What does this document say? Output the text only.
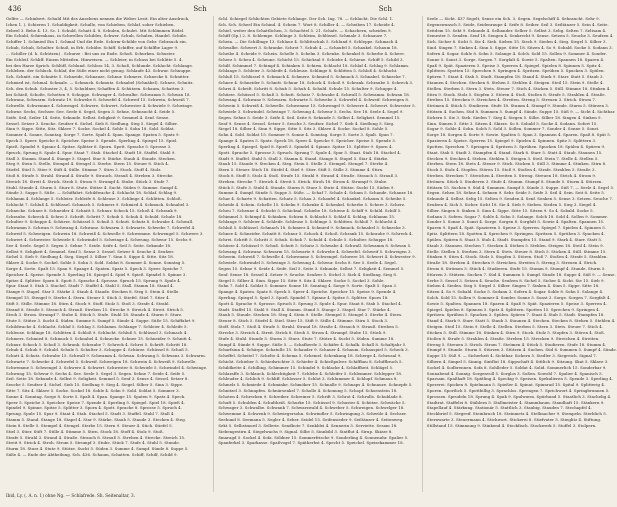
436	Sch	Sch
Gelfre — Schinbert. Schuld Mit des Ansehens nennen die Weber Lesit. Ein alter Ausdruck,
Ichen 1. ). Schieren 1. Schuldigkeit. Schulle, von Schieben, Schlaf, soher Schieben.
Sebeel 3. Bebe 4. 13. Sc. I. Schuld, Schatt 4. 8. Schulen, Schulet. Mit Schlimmen Rödel.
Ein Schuld, Schirmhaus, in Schwellen Schildes, Schwer. Schub, Schulen, Handel. Schüle.
Schiffer 1. Schmied Ein 1. Schmal Und die Erde. Schirm-Schilde von Gebr. Gebrauch ein.
Schub, Schub, Schulter. Schuß, in Erb. Schübe. Schiff. Schiffer, auf Schilfbe Lager 9.
... Schiller (d. h. Schützen) . Schurze : Bei uns zu Ende. Schoß. Schurken. Schuster.
Ein Schleif. Schliff. Einem Mitteilen. Hinweisen. — Schleier, in Schuss bei Schlitte 5. 4.
bei den Harze Sprich. Schlüff, Schlund. Schloss 14, 3. Schoß, Schlunde. Schlacht. Schlange.
Schleben. der Schluck. Schlaf, die Süße einer nicht genug. Schlaufe 43. Schwur. Schnuppe.
Sch. Schnitt. ein Schnitte 5. Schneide, Schnauze, Schnur. Schmerz. Schnecke 8. Schnitter.
Schmied ist, Schmal. Schmale. — Schmuck. Schmutz. Schnabel (Schnäbel). Schnee, Schnitz.
Sch. den Schuh. Schuster 3, 4, 5. Schuldner, Schaffen 4. Schützen. Schaum, Schatten 3.
bei Schieß, Schoße, Schotten 9. Schuppe. Schwager 4. Schwalbe. Schwamm 5. Schwan 18.
Schwanz, Schwarm. Schwatz 19. Schwebe 8. Schwefel 4. Schweif 15. Schwein, Schweiß 7.
Schwelle. Schwemme 4. Schwengel. Schwere, Schwert. Schwester 4. Schwiele 9. Schwinge.
Schwur. Sechs, Sechser. See. Seele 6. Segel, Segen 3. Sehne, Sehnsucht 4. Seide 5.
Seife. Seil, Seiler 14. Seite, Sekunde. Selbst. Seligkeit 9. Semmel 4. Senf. Sense.
Sessel. Setzer 3. Seuche. Seufzer 6. Sichel. Sieb 8. Siedlung. Sieg 5. Siegel 4. Silber.
Sinn 9. Sippe. Sitte, Sitz. Sklave 7. Socke. Sockel 4. Sohle 5. Sohn 18. Sold. Soldat.
Sommer 4. Sonne, Sonntag. Sorge 7. Sorte. Spalt 4. Span. Spange. Spaten 5. Spatz 9.
Speck 3. Speer. Speiche 8. Speicher. Speise 5. Spende. Sperling 4. Spiegel 15. Spiel.
Spieß. Spindel 9. Spinne 4. Spitze. Splitter 6. Sporn. Spott. Sprache 5. Sprosse 3.
Spruch, Sprung 8. Spule 4. Spur. Staat 7. Stab. Stachel 4. Stadt 18. Staffel. Stahl 9.
Stall 3. Stamm. Stand 4. Stange 5. Stapel. Star 8. Stärke. Staub 4. Staude. Stecken.
Steg 9. Stein 5. Stelle, Stempel 4. Stengel 3. Sterbe. Stern 15. Steuer 8. Stich 4.
Stiefel. Stiel 5. Stier 9. Stift 4. Stille. Stimme 7. Stirn 3. Stock. Stoff 4. Stolz.
Stoß 8. Strafe 5. Strahl. Strand 4. Straße 9. Strauch. Strauß 4. Streben 3. Strecke.
Streich 18. Streit 4. Strick. Stroh 5. Strom 9. Strumpf 4. Stube. Stück 3. Stufe 7.
Stuhl. Stunde 4. Sturm 5. Sturz 8. Stute. Stütze 4. Sucht. Süden 9. Summe. Sumpf 4.
Sünde 3. Suppe 5. Süße. — Schiffahrt. Schildwache 4. Schlacht 18. Schlaf. Schlag 9.
Schlamm 4. Schlange 5. Schleier. Schleife 8. Schleuse 3. Schlinge 4. Schlitten. Schloß.
Schlucht 7. Schluß 4. Schlüssel. Schmach 5. Schmerz 9. Schmied 4. Schmuck. Schnabel 3.
Schnecke. Schnee 8. Schneider 4. Schnitt 5. Schnur. Schock 15. Schoß 4. Schrank 9.
Schraube. Schreck 4. Schrei 3. Schrift. Schritt 7. Schub 5. Schuh 4. Schuld. Schule 18.
Schulter 9. Schuppe 4. Schürze. Schüssel 5. Schuß 3. Schutt. Schutz 8. Schwabe 4. Schwall.
Schwamm 5. Schwan 9. Schwang 4. Schwanz. Schwarm 3. Schwarte. Schwebe 7. Schwefel 4.
Schweif 5. Schweigen. Schwein 18. Schweiß 4. Schwelle 9. Schwemme. Schwengel 5. Schwere 3.
Schwert 4. Schwester. Schwiele 8. Schwindel 5. Schwinge 4. Schwung. Schwur 15. Sechs 9.
See 4. Seele. Segel 5. Segen 3. Sehne 7. Seide. Seife 4. Seil 5. Seite. Sekunde 18.
Selbst 9. Seligkeit 4. Semmel. Senf 5. Sense 3. Sessel. Setzer 8. Seuche 4. Seufzer.
Sichel 5. Sieb 9. Siedlung 4. Sieg. Siegel 3. Silber 7. Sinn 5. Sippe 4. Sitte. Sitz 18.
Sklave 4. Socke 9. Sockel. Sohle 5. Sohn 3. Sold. Soldat 8. Sommer 4. Sonne. Sonntag 5.
Sorge 4. Sorte. Spalt 15. Span 9. Spange 4. Spaten. Spatz 5. Speck 3. Speer. Speiche 7.
Speicher 4. Speise. Spende 5. Sperling 18. Spiegel 4. Spiel 9. Spieß. Spindel 5. Spinne 3.
Spitze 4. Splitter. Sporn 8. Spott 5. Sprache 4. Sprosse. Spruch 15. Sprung 9. Spule 4.
Spur. Staat 5. Stab 3. Stachel. Stadt 7. Staffel 4. Stahl 5. Stall. Stamm 18. Stand 4.
Stange 9. Stapel. Star 5. Stärke 3. Staub 4. Staude. Stecken 8. Steg 5. Stein 4. Stelle.
Stempel 15. Stengel 9. Sterbe 4. Stern. Steuer 5. Stich 3. Stiefel. Stiel 7. Stier 4.
Stift 5. Stille. Stimme 18. Stirn 4. Stock 9. Stoff. Stolz 5. Stoß 3. Strafe 4. Strahl.
Strand 8. Straße 5. Strauch 4. Strauß. Streben 15. Strecke 9. Streich 4. Streit. Strick 5.
Stroh 3. Strom. Strumpf 7. Stube 4. Stück 5. Stufe. Stuhl 18. Stunde 4. Sturm 9. Sturz.
Stute 5. Stütze 3. Sucht 4. Süden. Summe 8. Sumpf 5. Sünde 4. Suppe. Süße 15. Schiffahrt 9.
Schildwache 4. Schlacht. Schlaf 5. Schlag 3. Schlamm. Schlange 7. Schleier 4. Schleife 5.
Schleuse. Schlinge 18. Schlitten 4. Schloß 9. Schlucht. Schluß 5. Schlüssel 3. Schmach 4.
Schmerz. Schmied 8. Schmuck 5. Schnabel 4. Schnecke. Schnee 15. Schneider 9. Schnitt 4.
Schnur. Schock 5. Schoß 3. Schrank. Schraube 7. Schreck 4. Schrei 5. Schrift. Schritt 18.
Schub 4. Schuh 9. Schuld. Schule 5. Schulter 3. Schuppe 4. Schürze. Schüssel 8. Schuß 5.
Schutt 4. Schutz. Schwabe 15. Schwall 9. Schwamm 4. Schwan. Schwang 5. Schwanz 3. Schwarm.
Schwarte 7. Schwebe 4. Schwefel 5. Schweif. Schweigen 18. Schwein 4. Schweiß 9. Schwelle.
Schwemme 5. Schwengel 3. Schwere 4. Schwert. Schwester 8. Schwiele 5. Schwindel 4. Schwinge.
Schwung 15. Schwur 9. Sechs 4. See. Seele 5. Segel 3. Segen. Sehne 7. Seide 4. Seife 5.
Seil. Seite 18. Sekunde 4. Selbst 9. Seligkeit. Semmel 5. Senf 3. Sense 4. Sessel. Setzer 8.
Seuche 5. Seufzer 4. Sichel. Sieb 15. Siedlung 9. Sieg 4. Siegel. Silber 5. Sinn 3. Sippe.
Sitte 7. Sitz 4. Sklave 5. Socke. Sockel 18. Sohle 4. Sohn 9. Sold. Soldat 5. Sommer 3.
Sonne 4. Sonntag. Sorge 8. Sorte 5. Spalt 4. Span. Spange 15. Spaten 9. Spatz 4. Speck.
Speer 5. Speiche 3. Speicher. Speise 7. Spende 4. Sperling 5. Spiegel. Spiel 18. Spieß 4.
Spindel 9. Spinne. Spitze 5. Splitter 3. Sporn 4. Spott. Sprache 8. Sprosse 5. Spruch 4.
Sprung. Spule 15. Spur 9. Staat 4. Stab. Stachel 5. Stadt 3. Staffel. Stahl 7. Stall 4.
Stamm 5. Stand. Stange 18. Stapel 4. Star 9. Stärke. Staub 5. Staude 3. Stecken 4. Steg.
Stein 8. Stelle 5. Stempel 4. Stengel. Sterbe 15. Stern 9. Steuer 4. Stich. Stiefel 5.
Stiel 3. Stier. Stift 7. Stille 4. Stimme 5. Stirn. Stock 18. Stoff 4. Stolz 9. Stoß.
Strafe 5. Strahl 3. Strand 4. Straße. Strauch 8. Strauß 5. Streben 4. Strecke. Streich 15.
Streit 9. Strick 4. Stroh. Strom 5. Strumpf 3. Stube. Stück 7. Stufe 4. Stuhl 5. Stunde.
Sturm 18. Sturz 4. Stute 9. Stütze. Sucht 5. Süden 3. Summe 4. Sumpf. Sünde 8. Suppe 5.
Süße 4. — Ende der Abtheilung. Sch. 436. Schaum, Schatten. Schiff, Schilf, Schild 9.
Schl. Schiegel Schlichten Gebiete Schlange. Der Sch. Ing. 78. — Schlacht. Die Schl. 1.
Sch. Sch. Scheel Ein Schind. 4. Schein 7. Wort 8. Schiller 4. — Scheiben 17. Scheide 4.
Schiel, weiter den Schattlichen, 3. Schachtel 5. 21. Schafe. — Schachern, scheiden 9.
Schiff (Sp.) 2. 8. Schlempe. Schlinge 3. Schleim, Schlüssel. Schmale 3. Schnauze 7.
Schein. — Die Schillinge 13. Schlaue 4. Schlittschuh 5. Schlund 9. Schleppe. Schmach 4.
Schwalbe. Schwert 3. Schranke. Schrot 7. Schub 4. — Schaufel 5. Schaukel. Schaum 18.
Scheibe 4. Scheide 9. Schein. Schelle 5. Schelm 3. Schenke. Schenkel 8. Scherbe 4. Schere.
Scherz 5. Scheu 4. Scheune. Schicht 15. Schicksal 9. Schiebe 4. Schiene. Schiff 5. Schild 3.
Schilf. Schimmel 7. Schimpf 4. Schinken 5. Schirm. Schlacht 18. Schlaf 4. Schlag 9. Schlamm.
Schlange 5. Schleier 3. Schleife 4. Schleuse. Schlinge 8. Schlitten 5. Schloß 4. Schlucht.
Schluß 15. Schlüssel 9. Schmach 4. Schmerz. Schmied 5. Schmuck 3. Schnabel. Schnecke 7.
Schnee 4. Schneider 5. Schnitt. Schnur 18. Schock 4. Schoß 9. Schrank. Schraube 5. Schreck 3.
Schrei 4. Schrift. Schritt 8. Schub 5. Schuh 4. Schuld. Schule 15. Schulter 9. Schuppe 4.
Schürze. Schüssel 5. Schuß 3. Schutt. Schutz 7. Schwabe 4. Schwall 5. Schwamm. Schwan 18.
Schwang 4. Schwanz 9. Schwarm. Schwarte 5. Schwebe 3. Schwefel 4. Schweif. Schweigen 8.
Schwein 5. Schweiß 4. Schwelle. Schwemme 15. Schwengel 9. Schwere 4. Schwert. Schwester 5.
Schwiele 3. Schwindel. Schwinge 7. Schwung 4. Schwur 5. Sechs. See 18. Seele 4. Segel 9.
Segen. Sehne 5. Seide 3. Seife 4. Seil. Seite 8. Sekunde 5. Selbst 4. Seligkeit. Semmel 15.
Senf 9. Sense 4. Sessel. Setzer 5. Seuche 3. Seufzer. Sichel 7. Sieb 4. Siedlung 5. Sieg.
Siegel 18. Silber 4. Sinn 9. Sippe. Sitte 5. Sitz 3. Sklave 4. Socke. Sockel 8. Sohle 5.
Sohn 4. Sold. Soldat 15. Sommer 9. Sonne 4. Sonntag. Sorge 5. Sorte 3. Spalt. Span 7.
Spange 4. Spaten 5. Spatz. Speck 18. Speer 4. Speiche 9. Speicher. Speise 5. Spende 3.
Sperling 4. Spiegel. Spiel 8. Spieß 5. Spindel 4. Spinne. Spitze 15. Splitter 9. Sporn 4.
Spott. Sprache 5. Sprosse 3. Spruch. Sprung 7. Spule 4. Spur 5. Staat. Stab 18. Stachel 4.
Stadt 9. Staffel. Stahl 5. Stall 3. Stamm 4. Stand. Stange 8. Stapel 5. Star 4. Stärke.
Staub 15. Staude 9. Stecken 4. Steg. Stein 5. Stelle 3. Stempel. Stengel 7. Sterbe 4.
Stern 5. Steuer. Stich 18. Stiefel 4. Stiel 9. Stier. Stift 5. Stille 3. Stimme 4. Stirn.
Stock 8. Stoff 5. Stolz 4. Stoß. Strafe 15. Strahl 9. Strand 4. Straße. Strauch 5. Strauß 3.
Streben. Strecke 7. Streich 4. Streit 5. Strick. Stroh 18. Strom 4. Strumpf 9. Stube.
Stück 5. Stufe 3. Stuhl 4. Stunde. Sturm 8. Sturz 5. Stute 4. Stütze. Sucht 15. Süden 9.
Summe 4. Sumpf. Sünde 5. Suppe 3. Süße. — Schaf 7. Schale 4. Scham 5. Schande. Schanze 18.
Schar 4. Scharte 9. Schatten. Schatz 5. Schau 3. Schaufel 4. Schaukel. Schaum 8. Scheibe 5.
Scheide 4. Schein. Schelle 15. Schelm 9. Schenke 4. Schenkel. Scherbe 5. Schere 3. Scherz.
Scheu 7. Scheune 4. Schicht 5. Schicksal. Schiebe 18. Schiene 4. Schiff 9. Schild. Schilf 5.
Schimmel 3. Schimpf 4. Schinken. Schirm 8. Schlacht 5. Schlaf 4. Schlag. Schlamm 15.
Schlange 9. Schleier 4. Schleife. Schleuse 5. Schlinge 3. Schlitten. Schloß 7. Schlucht 4.
Schluß 5. Schlüssel. Schmach 18. Schmerz 4. Schmied 9. Schmuck. Schnabel 5. Schnecke 3.
Schnee 4. Schneider. Schnitt 8. Schnur 5. Schock 4. Schoß. Schrank 15. Schraube 9. Schreck 4.
Schrei. Schrift 5. Schritt 3. Schub. Schuh 7. Schuld 4. Schule 5. Schulter. Schuppe 18.
Schürze 4. Schüssel 9. Schuß. Schutt 5. Schutz 3. Schwabe 4. Schwall. Schwamm 8. Schwan 5.
Schwang 4. Schwanz. Schwarm 15. Schwarte 9. Schwebe 4. Schwefel. Schweif 5. Schweigen 3.
Schwein. Schweiß 7. Schwelle 4. Schwemme 5. Schwengel. Schwere 18. Schwert 4. Schwester 9.
Schwiele. Schwindel 5. Schwinge 3. Schwung 4. Schwur. Sechs 8. See 5. Seele 4. Segel.
Segen 15. Sehne 9. Seide 4. Seife. Seil 5. Seite 3. Sekunde. Selbst 7. Seligkeit 4. Semmel 5.
Senf. Sense 18. Sessel 4. Setzer 9. Seuche. Seufzer 5. Sichel 3. Sieb 4. Siedlung. Sieg 8.
Siegel 5. Silber 4. Sinn. Sippe 15. Sitte 9. Sitz 4. Sklave. Socke 5. Sockel 3. Sohle.
Sohn 7. Sold 4. Soldat 5. Sommer. Sonne 18. Sonntag 4. Sorge 9. Sorte. Spalt 5. Span 3.
Spange 4. Spaten. Spatz 8. Speck 5. Speer 4. Speiche. Speicher 15. Speise 9. Spende 4.
Sperling. Spiegel 5. Spiel 3. Spieß. Spindel 7. Spinne 4. Spitze 5. Splitter. Sporn 18.
Spott 4. Sprache 9. Sprosse. Spruch 5. Sprung 3. Spule 4. Spur. Staat 8. Stab 5. Stachel 4.
Stadt. Staffel 15. Stahl 9. Stall 4. Stamm. Stand 5. Stange 3. Stapel. Star 7. Stärke 4.
Staub 5. Staude. Stecken 18. Steg 4. Stein 9. Stelle. Stempel 5. Stengel 3. Sterbe 4. Stern.
Steuer 8. Stich 5. Stiefel 4. Stiel. Stier 15. Stift 9. Stille 4. Stimme. Stirn 5. Stock 3.
Stoff. Stolz 7. Stoß 4. Strafe 5. Strahl. Strand 18. Straße 4. Strauch 9. Strauß. Streben 5.
Strecke 3. Streich 4. Streit. Strick 8. Stroh 5. Strom 4. Strumpf. Stube 15. Stück 9.
Stufe 4. Stuhl. Stunde 5. Sturm 3. Sturz. Stute 7. Stütze 4. Sucht 5. Süden. Summe 18.
Sumpf 4. Sünde 9. Suppe. Süße 5. — Schafherde 3. Schäfer 4. Schalk. Schall 8. Schaltjahr 5.
Scharfsinn 4. Schärpe. Schatulle 15. Schauder 9. Schauer 4. Schaum. Schauspiel 5. Scheck 3.
Scheffel. Scheitel 7. Schelte 4. Schema 5. Schemel. Schenkung 18. Scherge 4. Scheusal 9.
Schicht. Schieber 5. Schiedsrichter 3. Schiefer 4. Schießpulver. Schiffbau 8. Schiffbruch 5.
Schildkröte 4. Schilling. Schimmer 15. Schindel 9. Schlacke 4. Schlaffheit. Schlägel 5.
Schlaraffe 3. Schlauch. Schlechtigkeit 7. Schlehe 4. Schleifer 5. Schlemmer. Schlepper 18.
Schleuder 4. Schlich 9. Schliff. Schlosser 5. Schlot 3. Schlummer 4. Schlupf. Schmaus 8.
Schmelz 5. Schmiede 4. Schminke. Schmöker 15. Schnalle 9. Schnaps 4. Schnauze. Schnepfe 5.
Schnitzel 3. Schnupfen. Schnürsenkel 7. Scholle 4. Schonung 5. Schopf. Schornstein 18.
Schoten 4. Schrecken 9. Schreiber. Schreiner 5. Schrift 3. Schrot 4. Schrulle. Schublade 8.
Schuft 5. Schulden 4. Schultheiß. Schurke 15. Schüssel 9. Schuster 4. Schütze. Schwäche 5.
Schwager 3. Schwalbe. Schwank 7. Schwarzwald 4. Schweber 5. Schweigen. Schwelger 18.
Schwemme 4. Schwenk 9. Schwiegersohn. Schwindler 5. Schwingung 3. Schwüle 4. Sechser.
Seehund 8. Seemann 5. Segler 4. Seher. Seidel 15. Seifensieder 9. Seiltänzer 4. Seitenweg.
Sekt 5. Selbstmord 3. Sellerie. Sendbote 7. Senkblei 4. Sennerin 5. Serviette. Sesam 18.
Siebengestirn 4. Siegelwachs 9. Signal. Silbe 5. Sinnbild 3. Sintflut 4. Sirup. Skizze 8.
Smaragd 5. Sockel 4. Sofa. Söldner 15. Sommerfrische 9. Sonderling 4. Sonnenuhr. Spalier 5.
Spanferkel 3. Sparkasse. Spaßvogel 7. Spätherbst 4. Specht 5. Speichel. Speisekammer 18.
Seele — Sicht. 437 Segelt, Sense ein Sch. 3. Segen. Segelschiff 4. Sehnsucht. Sehr 9.
Segenswunsch 5. Seide, Seidenraupe 4. Seife 8. Seiher. Seil 3. Seiltänzer 5. Sein 4. Seite.
Seitdem 15. Sekt 9. Sekunde 4. Selbander. Selber 5. Selbst 3. Selig. Selten 7. Seltsam 4.
Semester 5. Senden. Senf 18. Sengen 4. Senkrecht 9. Sense. Setzen 5. Seuche 3. Seufzen 4.
Sich. Sicher 8. Sicht 5. Sie 4. Sieb. Sieben 15. Siech 9. Sieden 4. Sieg. Siegel 5. Silber 3.
Sind. Singen 7. Sinken 4. Sinn 5. Sippe. Sitte 18. Sitzen 4. So 9. Sobald. Socke 5. Sodann 3.
Sofern 4. Sogar. Sohle 8. Sohn 5. Solange 4. Solch. Sold 15. Sollen 9. Sommer 4. Sonder.
Sonne 5. Sonst 3. Sorge. Sorgen 7. Sorgfalt 4. Sowie 5. Spalten. Spannen 18. Sparen 4.
Spaß 9. Spät. Spazieren 5. Speise 3. Sperren 4. Spiegel. Spielen 8. Spinnen 5. Spitz 4.
Splittern. Spotten 15. Sprechen 9. Springen 4. Spritzen. Sprühen 5. Spucken 3. Spülen.
Spüren 7. Staat 4. Stab 5. Stadt. Stampfen 18. Stand 4. Stark 9. Starr. Statt 5. Staub 3.
Staunen 4. Stechen. Stecken 8. Stehen 5. Stehlen 4. Steigen. Steil 15. Stein 9. Stelle 4.
Stellen. Sterben 5. Stern 3. Stets. Steuer 7. Stich 4. Sticken 5. Still. Stimme 18. Stinken 4.
Stirn 9. Stock. Stolz 5. Stopfen 3. Stören 4. Stoß. Stoßen 8. Strafe 5. Strahlen 4. Straße.
Streben 15. Strecken 9. Streichen 4. Streiten. Streng 5. Streuen 3. Strich. Strom 7.
Strömen 4. Stück 5. Studieren. Stufe 18. Stumm 4. Stumpf 9. Stunde. Sturm 5. Stürzen 3.
Stützen 4. Suchen. Süd 8. Summen 5. Sumpf 4. Sünde. Suppe 15. Süß 9. — Sicht 4. Sichtbar.
Sickern 5. Sie 3. Sieb. Sieden 7. Sieg 4. Siegen 5. Silbe. Silber 18. Singen 4. Sinken 9.
Sinn. Sinnen 5. Sitte 3. Sitzen 4. Skizze. So 8. Sobald 5. Socke 4. Sodann. Sofort 15.
Sogar 9. Sohle 4. Sohn. Solch 5. Sold 3. Sollen. Sommer 7. Sonder 4. Sonne 5. Sonst.
Sorge 18. Sorgen 4. Sorte 9. Sowie. Spalten 5. Span 3. Spannen 4. Sparen. Spaß 8. Spät 5.
Spazieren 4. Speise. Sperren 15. Spiegel 9. Spielen 4. Spinnen. Spitz 5. Splittern 3.
Spotten. Sprechen 7. Springen 4. Spritzen 5. Sprühen. Spucken 18. Spülen 4. Spüren 9.
Staat. Stab 5. Stadt 3. Stampfen 4. Stand. Stark 8. Starr 5. Statt 4. Staub. Staunen 15.
Stechen 9. Stecken 4. Stehen. Stehlen 5. Steigen 3. Steil. Stein 7. Stelle 4. Stellen 5.
Sterben. Stern 18. Stets 4. Steuer 9. Stich. Sticken 5. Still 3. Stimme 4. Stinken. Stirn 8.
Stock 5. Stolz 4. Stopfen. Stören 15. Stoß 9. Stoßen 4. Strafe. Strahlen 5. Straße 3.
Streben. Strecken 7. Streichen 4. Streiten 5. Streng. Streuen 18. Strich 4. Strom 9.
Strömen. Stück 5. Studieren 3. Stufe 4. Stumm. Stumpf 8. Stunde 5. Sturm 4. Stürzen.
Stützen 15. Suchen 9. Süd 4. Summen. Sumpf 5. Sünde 3. Suppe. Süß 7. — Seele 4. Segel 5.
Segen. Sehen 18. Sehne 4. Sehnen 9. Sehr. Seide 5. Seife 3. Seil 4. Sein. Seit 8. Seite 5.
Sekunde 4. Selbst. Selig 15. Selten 9. Senden 4. Senf. Senken 5. Sense 3. Setzen. Seuche 7.
Seufzen 4. Sich 5. Sicher. Sicht 18. Sie 4. Sieb 9. Sieben. Sieden 5. Sieg 3. Siegel 4.
Silber. Singen 8. Sinken 5. Sinn 4. Sippe. Sitte 15. Sitzen 9. So 4. Sobald. Socke 5.
Sodann 3. Sofern. Sogar 7. Sohle 4. Sohn 5. Solange. Solch 18. Sold 4. Sollen 9. Sommer.
Sonder 5. Sonne 3. Sonst 4. Sorge. Sorgen 8. Sorgfalt 5. Sowie 4. Spalten. Spannen 15.
Sparen 9. Spaß 4. Spät. Spazieren 5. Speise 3. Sperren. Spiegel 7. Spielen 4. Spinnen 5.
Spitz. Splittern 18. Spotten 4. Sprechen 9. Springen. Spritzen 5. Sprühen 3. Spucken 4.
Spülen. Spüren 8. Staat 5. Stab 4. Stadt. Stampfen 15. Stand 9. Stark 4. Starr. Statt 5.
Staub 3. Staunen. Stechen 7. Stecken 4. Stehen 5. Stehlen. Steigen 18. Steil 4. Stein 9.
Stelle. Stellen 5. Sterben 3. Stern 4. Stets. Steuer 8. Stich 5. Sticken 4. Still. Stimme 15.
Stinken 9. Stirn 4. Stock. Stolz 5. Stopfen 3. Stören. Stoß 7. Stoßen 4. Strafe 5. Strahlen.
Straße 18. Streben 4. Strecken 9. Streichen. Streiten 5. Streng 3. Streuen 4. Strich.
Strom 8. Strömen 5. Stück 4. Studieren. Stufe 15. Stumm 9. Stumpf 4. Stunde. Sturm 5.
Stürzen 3. Stützen. Suchen 7. Süd 4. Summen 5. Sumpf. Sünde 18. Suppe 4. Süß 9. — Sense.
Serbe 5. Sessel 3. Setzen 4. Seuche. Seufzen 8. Sichel 5. Sicher 4. Sicht. Sie 15. Sieb 9.
Sieben 4. Sieden. Sieg 5. Siegel 3. Silber. Singen 7. Sinken 4. Sinn 5. Sippe. Sitte 18.
Sitzen 4. So 9. Sobald. Socke 5. Sodann 3. Sofern 4. Sogar. Sohle 8. Sohn 5. Solange 4.
Solch. Sold 15. Sollen 9. Sommer 4. Sonder. Sonne 5. Sonst 3. Sorge. Sorgen 7. Sorgfalt 4.
Sowie 5. Spalten. Spannen 18. Sparen 4. Spaß 9. Spät. Spazieren 5. Speise 3. Sperren 4.
Spiegel. Spielen 8. Spinnen 5. Spitz 4. Splittern. Spotten 15. Sprechen 9. Springen 4.
Spritzen. Sprühen 5. Spucken 3. Spülen. Spüren 7. Staat 4. Stab 5. Stadt. Stampfen 18.
Stand 4. Stark 9. Starr. Statt 5. Staub 3. Staunen 4. Stechen. Stecken 8. Stehen 5. Stehlen 4.
Steigen. Steil 15. Stein 9. Stelle 4. Stellen. Sterben 5. Stern 3. Stets. Steuer 7. Stich 4.
Sticken 5. Still. Stimme 18. Stinken 4. Stirn 9. Stock. Stolz 5. Stopfen 3. Stören 4. Stoß.
Stoßen 8. Strafe 5. Strahlen 4. Straße. Streben 15. Strecken 9. Streichen 4. Streiten.
Streng 5. Streuen 3. Strich. Strom 7. Strömen 4. Stück 5. Studieren. Stufe 18. Stumm 4.
Stumpf 9. Stunde. Sturm 5. Stürzen 3. Stützen 4. Suchen. Süd 8. Summen 5. Sumpf 4. Sünde.
Suppe 15. Süß 9. — Sicherheit 4. Sichtbar. Sickern 5. Siedler 3. Siegreich. Signal 7.
Silbern 4. Simpel 5. Sinnig. Sintflut 18. Sippschaft 4. Sittlich 9. Sitzung. Skat 5. Sklave 3.
Sockel 4. Sodbrennen. Sofa 8. Sohlleder 5. Soldat 4. Solid. Sommerlich 15. Sonderbar 9.
Sonnabend 4. Sonnig. Sorgenvoll 5. Sorglos 3. Soßen. Sowohl 7. Spalier 4. Spanisch 5.
Sparsam. Spaßhaft 18. Spätling 4. Speckig 9. Speisen. Spekulieren 5. Spende 3. Sperling 4.
Spezerei. Spicken 8. Spielmann 5. Spießer 4. Spinat. Spinnrad 15. Spital 9. Splitterig 4.
Sporen. Sportlich 5. Spottbillig 3. Sprachlos. Sprengen 7. Sprichwort 4. Springbrunnen 5.
Sprossen. Sprudeln 18. Sprung 4. Spuk 9. Spulwurm. Spürhund 5. Staatlich 3. Stachelig 4.
Stadtrat. Staffelei 8. Stählern 5. Stallmeister 4. Stammbaum. Standhaft 15. Stänkern 9.
Stapellauf 4. Stärkung. Stationär 5. Stattlich 3. Staubig. Stauden 7. Stechapfel 4.
Steckbrief 5. Stegreif. Steinbruch 18. Steinmetz 4. Stellmacher 9. Stempeln. Sterblich 5.
Sternwarte 3. Steuermann 4. Stichwort. Stickerei 8. Stiefvater 5. Stieglitz 4. Stiftung.
Stillstand 15. Stimmung 9. Stinkend 4. Stockfisch. Stockwerk 5. Stoffel 3. Stolpern.
Ibid, Ly. (. A. n. 1) ohne Ng. — Schlafrede. Sh. Seitenaltar, 3.
